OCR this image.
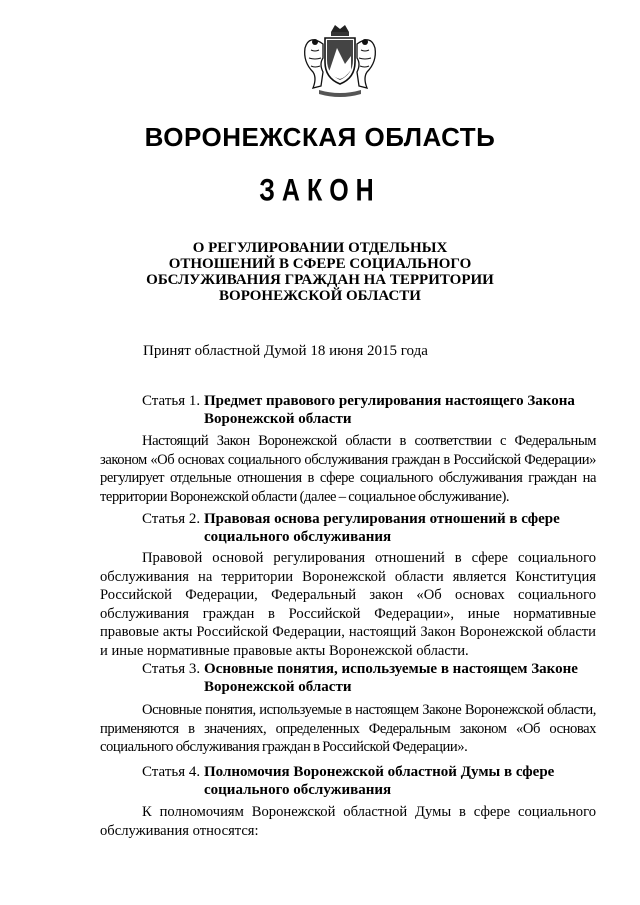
ВОРОНЕЖСКАЯ ОБЛАСТЬ
ЗАКОН
О РЕГУЛИРОВАНИИ ОТДЕЛЬНЫХ
ОТНОШЕНИЙ В СФЕРЕ СОЦИАЛЬНОГО
ОБСЛУЖИВАНИЯ ГРАЖДАН НА ТЕРРИТОРИИ
ВОРОНЕЖСКОЙ ОБЛАСТИ
Принят областной Думой 18 июня 2015 года
Статья 1. Предмет правового регулирования настоящего Закона
Воронежской области
Настоящий Закон Воронежской области в соответствии с Федеральным законом «Об основах социального обслуживания граждан в Российской Федерации» регулирует отдельные отношения в сфере социального обслуживания граждан на территории Воронежской области (далее – социальное обслуживание).
Статья 2. Правовая основа регулирования отношений в сфере
социального обслуживания
Правовой основой регулирования отношений в сфере социального обслуживания на территории Воронежской области является Конституция Российской Федерации, Федеральный закон «Об основах социального обслуживания граждан в Российской Федерации», иные нормативные правовые акты Российской Федерации, настоящий Закон Воронежской области и иные нормативные правовые акты Воронежской области.
Статья 3. Основные понятия, используемые в настоящем Законе
Воронежской области
Основные понятия, используемые в настоящем Законе Воронежской области, применяются в значениях, определенных Федеральным законом «Об основах социального обслуживания граждан в Российской Федерации».
Статья 4. Полномочия Воронежской областной Думы в сфере
социального обслуживания
К полномочиям Воронежской областной Думы в сфере социального обслуживания относятся:
